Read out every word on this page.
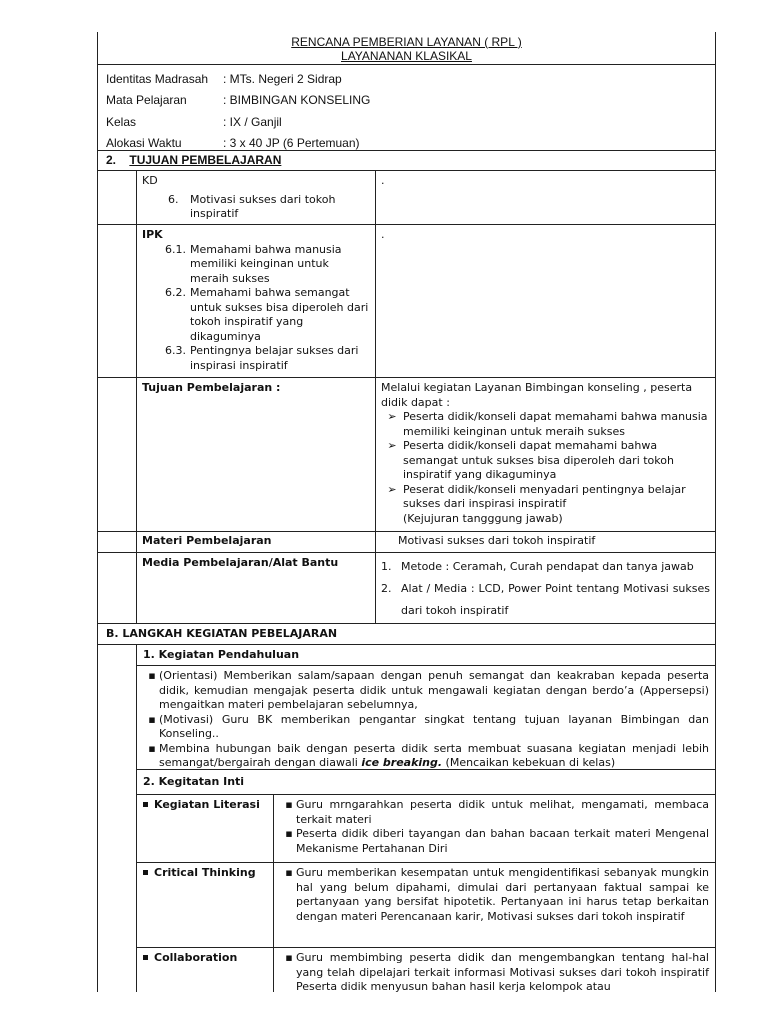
RENCANA PEMBERIAN LAYANAN ( RPL )
LAYANANAN KLASIKAL
Identitas Madrasah	: MTs. Negeri 2 Sidrap
Mata Pelajaran	: BIMBINGAN KONSELING
Kelas	: IX / Ganjil
Alokasi Waktu	: 3 x 40 JP (6 Pertemuan)
2. TUJUAN PEMBELAJARAN
KD
6.	Motivasi sukses dari tokoh inspiratif
.
IPK
6.1. Memahami bahwa manusia memiliki keinginan untuk meraih sukses
6.2. Memahami bahwa semangat untuk sukses bisa diperoleh dari tokoh inspiratif yang dikaguminya
6.3. Pentingnya belajar sukses dari inspirasi inspiratif
.
Tujuan Pembelajaran :	Melalui kegiatan Layanan Bimbingan konseling , peserta didik dapat :
➢ Peserta didik/konseli dapat memahami bahwa manusia memiliki keinginan untuk meraih sukses
➢ Peserta didik/konseli dapat memahami bahwa semangat untuk sukses bisa diperoleh dari tokoh inspiratif yang dikaguminya
➢ Peserat didik/konseli menyadari pentingnya belajar sukses dari inspirasi inspiratif
(Kejujuran tangggung jawab)
Materi Pembelajaran	Motivasi sukses dari tokoh inspiratif
Media Pembelajaran/Alat Bantu	1. Metode : Ceramah, Curah pendapat dan tanya jawab
2. Alat / Media : LCD, Power Point tentang Motivasi sukses dari tokoh inspiratif
B. LANGKAH KEGIATAN PEBELAJARAN
1. Kegiatan Pendahuluan
▪ (Orientasi) Memberikan salam/sapaan dengan penuh semangat dan keakraban kepada peserta didik, kemudian mengajak peserta didik untuk mengawali kegiatan dengan berdo’a (Appersepsi) mengaitkan materi pembelajaran sebelumnya,
▪ (Motivasi) Guru BK memberikan pengantar singkat tentang tujuan layanan Bimbingan dan Konseling..
▪ Membina hubungan baik dengan peserta didik serta membuat suasana kegiatan menjadi lebih semangat/bergairah dengan diawali ice breaking. (Mencaikan kebekuan di kelas)
2. Kegitatan Inti
Kegiatan Literasi	▪ Guru mrngarahkan peserta didik untuk melihat, mengamati, membaca terkait materi
▪ Peserta didik diberi tayangan dan bahan bacaan terkait materi Mengenal Mekanisme Pertahanan Diri
Critical Thinking	▪ Guru memberikan kesempatan untuk mengidentifikasi sebanyak mungkin hal yang belum dipahami, dimulai dari pertanyaan faktual sampai ke pertanyaan yang bersifat hipotetik. Pertanyaan ini harus tetap berkaitan dengan materi Perencanaan karir, Motivasi sukses dari tokoh inspiratif
Collaboration	▪ Guru membimbing peserta didik dan mengembangkan tentang hal-hal yang telah dipelajari terkait informasi Motivasi sukses dari tokoh inspiratif Peserta didik menyusun bahan hasil kerja kelompok atau
